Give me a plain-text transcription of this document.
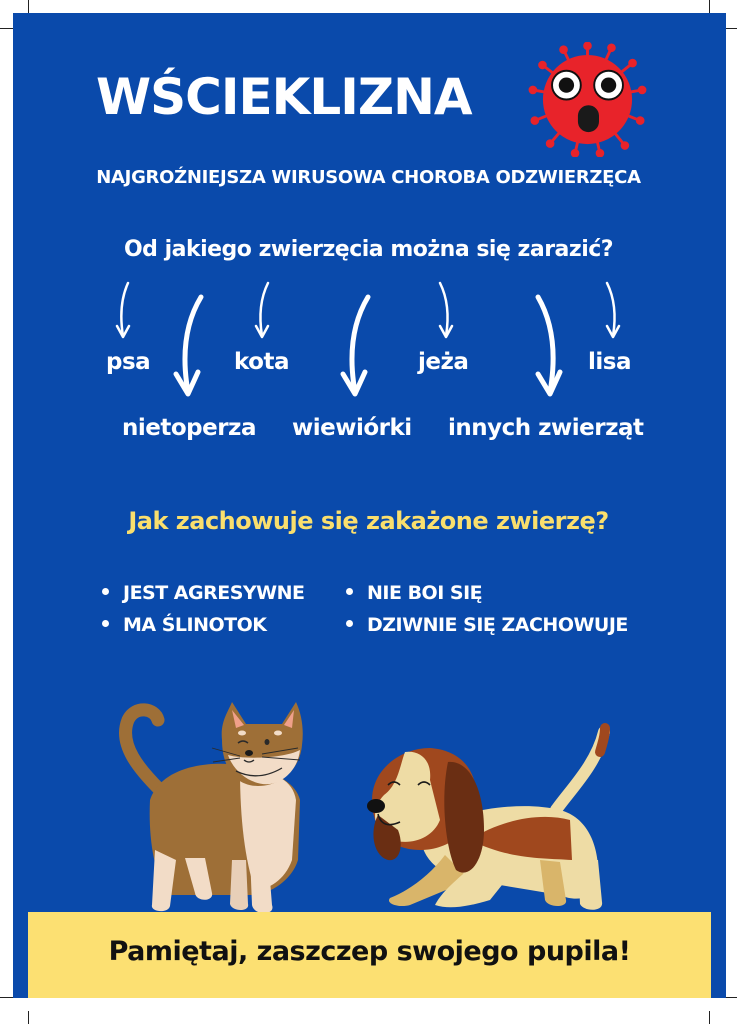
WŚCIEKLIZNA
NAJGROŹNIEJSZA WIRUSOWA CHOROBA ODZWIERZĘCA
Od jakiego zwierzęcia można się zarazić?
psa	kota	jeża	lisa
nietoperza wiewiórki innych zwierząt
Jak zachowuje się zakażone zwierzę?
JEST AGRESYWNE
MA ŚLINOTOK
NIE BOI SIĘ
DZIWNIE SIĘ ZACHOWUJE
Pamiętaj, zaszczep swojego pupila!
